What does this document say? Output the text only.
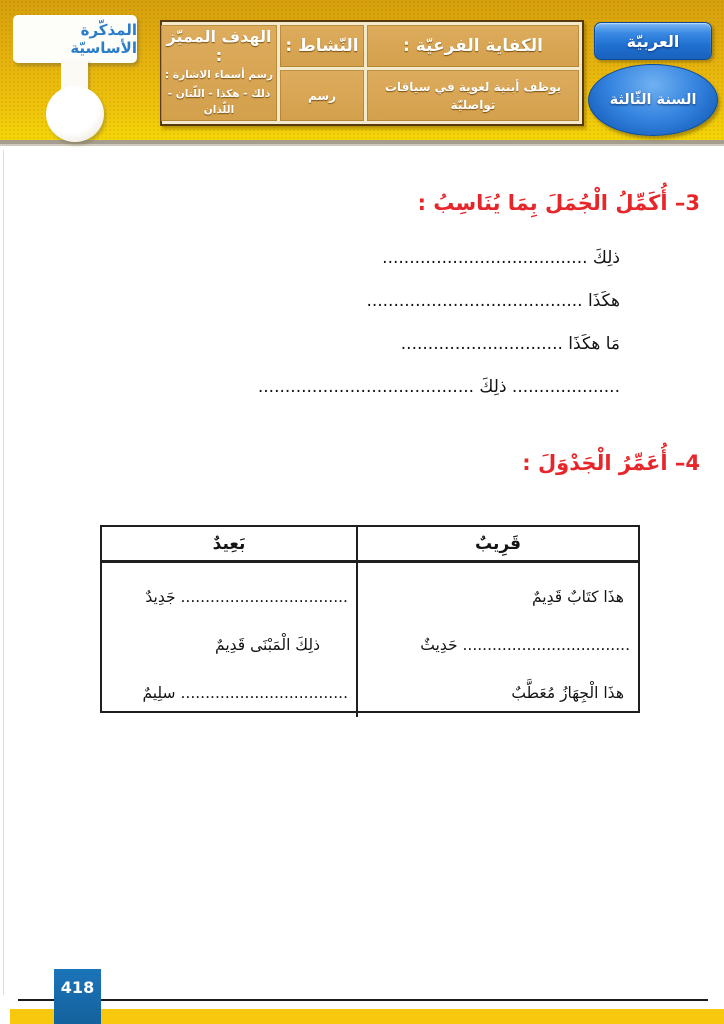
المذكّرة الأساسيّة	الكفاية الفرعيّة :
النّشاط :
الهدف المميّز :
رسم أسماء الاشارة :
ذلك - هكذا - اللّتان - اللّذان
يوظف أبنية لغوية في سياقات تواصليّة
رسم
العربيّة
السنة الثّالثة
3– أُكَمِّلُ الْجُمَلَ بِمَا يُنَاسِبُ :
ذلِكَ ......................................
هكَذَا ........................................
مَا هكَذَا ..............................
.................... ذلِكَ ........................................
4– أُعَمِّرُ الْجَدْوَلَ :
قَرِيبٌ
بَعِيدٌ
هذَا كتَابٌ قَدِيمٌ
.................................. حَدِيثٌ
هذَا الْجِهَازُ مُعَطَّبٌ
.................................. جَدِيدٌ
ذلِكَ الْمَبْنَى قَدِيمٌ
.................................. سلِيمٌ
418
